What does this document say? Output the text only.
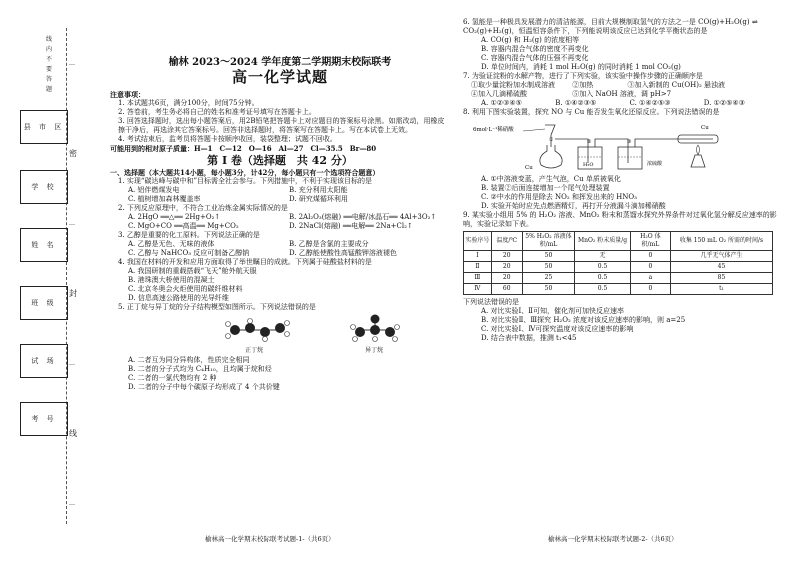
线
内
不
要
答
题
…
密
…
封
…
线
…
县 市 区
学 校
姓 名
班 级
试 场
考 号

榆林 2023～2024 学年度第二学期期末校际联考

高一化学试题

注意事项：

1. 本试题共6页，满分100分，时间75分钟。

2. 答卷前，考生务必将自己的姓名和准考证号填写在答题卡上。

3. 回答选择题时，选出每小题答案后，用2B铅笔把答题卡上对应题目的答案标号涂黑。如需改动，用橡皮擦干净后，再选涂其它答案标号。回答非选择题时，将答案写在答题卡上。写在本试卷上无效。

4. 考试结束后，监考员将答题卡按顺序收回，装袋整理；试题不回收。

可能用到的相对原子质量：H—1　C—12　O—16　Al—27　Cl—35.5　Br—80

第 Ⅰ 卷（选择题　共 42 分）

一、选择题（本大题共14小题，每小题3分，计42分，每小题只有一个选项符合题意）

1. 实现“碳达峰与碳中和”目标需全社会参与。下列措施中，不利于实现该目标的是

A. 铝伴燃煤发电	B. 充分利用太阳能
C. 植树增加森林覆盖率	D. 研究煤循环利用

2. 下列反应原理中，不符合工业冶炼金属实际情况的是

A. 2HgO ══△══ 2Hg+O₂↑	B. 2Al₂O₃(熔融) ══电解/冰晶石══ 4Al+3O₂↑
C. MgO+CO ══高温══ Mg+CO₂	D. 2NaCl(熔融) ══电解══ 2Na+Cl₂↑

3. 乙醇是重要的化工原料。下列说法正确的是

A. 乙醇是无色、无味的液体	B. 乙醇是含氯的主要成分
C. 乙醇与 NaHCO₃ 反应可制备乙醇钠	D. 乙醇能使酸性高锰酸钾溶液褪色

4. 我国在材料的开发和应用方面取得了举世瞩目的成就。下列属于硅酸盐材料的是

A. 我国研制的重载搭载“飞天”舱外航天服

B. 港珠澳大桥使用的混凝土

C. 北京冬奥会火炬使用的碳纤维材料

D. 信息高速公路使用的光导纤维

5. 正丁烷与异丁烷的分子结构模型如图所示。下列说法错误的是

正丁烷	异丁烷

A. 二者互为同分异构体，性质完全相同

B. 二者的分子式均为 C₄H₁₀，且均属于烷和烃

C. 二者的一氯代物均有 2 种

D. 二者的分子中每个碳原子均形成了 4 个共价键

6. 氢能是一种极具发展潜力的清洁能源，目前大规模制取氢气的方法之一是 CO(g)+H₂O(g) ⇌ CO₂(g)+H₂(g)，恒温恒容条件下，下列能说明该反应已达到化学平衡状态的是

A. CO(g) 和 H₂(g) 的浓度相等

B. 容器内混合气体的密度不再变化

C. 容器内混合气体的压强不再变化

D. 单位时间内，消耗 1 mol H₂O(g) 的同时消耗 1 mol CO₂(g)

7. 为验证淀粉的水解产物，进行了下列实验，该实验中操作步骤的正确顺序是

①取少量淀粉加水制成溶液	②加热	③加入新制的 Cu(OH)₂ 悬浊液
④加入几滴稀硫酸	⑤加入 NaOH 溶液，调 pH>7
A. ①②③④⑤	B. ①④②③⑤	C. ①④②⑤③	D. ①②⑤④③

8. 利用下图实验装置，探究 NO 与 Cu 能否发生氧化还原反应。下列说法错误的是

6mol·L⁻¹稀硝酸
Cu
①	②
H₂O
③
浓硫酸
Cu

A. ①中溶液变蓝，产生气泡，Cu 单质被氧化

B. 装置②后面连接增加一个尾气处理装置

C. ②中水的作用是除去 NO₂ 和挥发出来的 HNO₃

D. 实验开始时应先点燃酒精灯，再打开分液漏斗滴加稀硝酸

9. 某实验小组用 5% 的 H₂O₂ 溶液、MnO₂ 粉末和蒸馏水探究外界条件对过氧化氢分解反应速率的影响，实验记录如下表。

实验序号	温度/℃	5% H₂O₂ 溶液体积/mL	MnO₂ 粉末质量/g	H₂O 体积/mL	收集 150 mL O₂ 所需的时间/s
Ⅰ	20	50	无	0	几乎无气体产生
Ⅱ	20	50	0.5	0	45
Ⅲ	20	25	0.5	a	85
Ⅳ	60	50	0.5	0	t₁

下列说法错误的是

A. 对比实验Ⅰ、Ⅱ可知，催化剂可加快反应速率

B. 对比实验Ⅱ、Ⅲ探究 H₂O₂ 浓度对该反应速率的影响，则 a=25

C. 对比实验Ⅰ、Ⅳ可探究温度对该反应速率的影响

D. 结合表中数据，推测 t₁<45

榆林高一化学期末校际联考试题-1-（共6页）	榆林高一化学期末校际联考试题-2-（共6页）
